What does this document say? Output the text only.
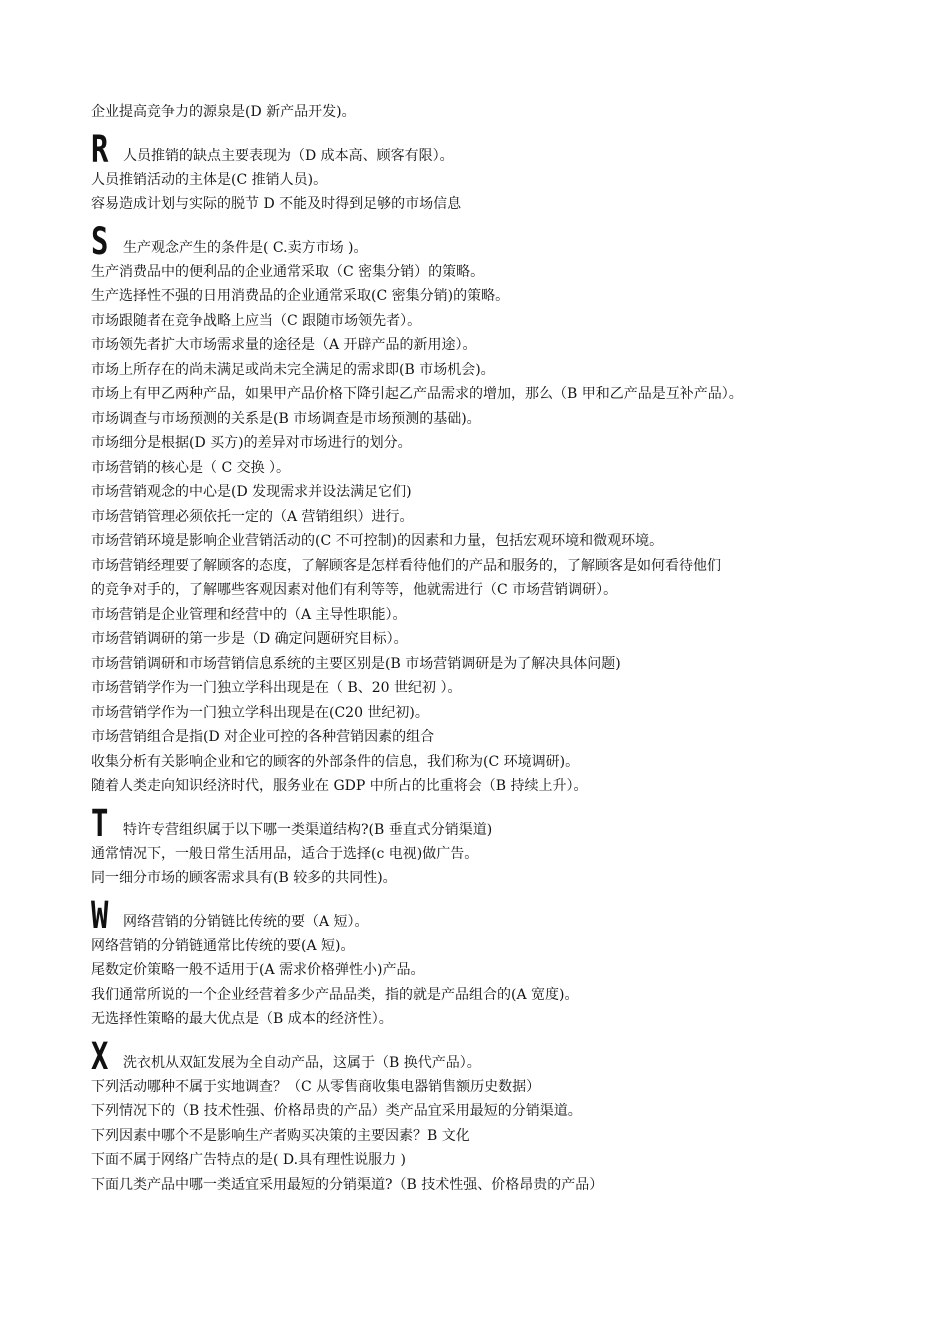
企业提高竞争力的源泉是(D 新产品开发)。
R 人员推销的缺点主要表现为（D 成本高、顾客有限）。
人员推销活动的主体是(C 推销人员)。
容易造成计划与实际的脱节 D 不能及时得到足够的市场信息
S 生产观念产生的条件是( C.卖方市场 )。
生产消费品中的便利品的企业通常采取（C 密集分销）的策略。
生产选择性不强的日用消费品的企业通常采取(C 密集分销)的策略。
市场跟随者在竞争战略上应当（C 跟随市场领先者）。
市场领先者扩大市场需求量的途径是（A 开辟产品的新用途）。
市场上所存在的尚未满足或尚未完全满足的需求即(B 市场机会)。
市场上有甲乙两种产品，如果甲产品价格下降引起乙产品需求的增加，那么（B 甲和乙产品是互补产品）。
市场调查与市场预测的关系是(B 市场调查是市场预测的基础)。
市场细分是根据(D 买方)的差异对市场进行的划分。
市场营销的核心是（ C 交换 ）。
市场营销观念的中心是(D 发现需求并设法满足它们)
市场营销管理必须依托一定的（A 营销组织）进行。
市场营销环境是影响企业营销活动的(C 不可控制)的因素和力量，包括宏观环境和微观环境。
市场营销经理要了解顾客的态度，了解顾客是怎样看待他们的产品和服务的，了解顾客是如何看待他们
的竞争对手的，了解哪些客观因素对他们有利等等，他就需进行（C 市场营销调研）。
市场营销是企业管理和经营中的（A 主导性职能）。
市场营销调研的第一步是（D 确定问题研究目标）。
市场营销调研和市场营销信息系统的主要区别是(B 市场营销调研是为了解决具体问题)
市场营销学作为一门独立学科出现是在（ B、20 世纪初 ）。
市场营销学作为一门独立学科出现是在(C20 世纪初)。
市场营销组合是指(D 对企业可控的各种营销因素的组合
收集分析有关影响企业和它的顾客的外部条件的信息，我们称为(C 环境调研)。
随着人类走向知识经济时代，服务业在 GDP 中所占的比重将会（B 持续上升）。
T 特许专营组织属于以下哪一类渠道结构?(B 垂直式分销渠道)
通常情况下，一般日常生活用品，适合于选择(c 电视)做广告。
同一细分市场的顾客需求具有(B 较多的共同性)。
W 网络营销的分销链比传统的要（A 短）。
网络营销的分销链通常比传统的要(A 短)。
尾数定价策略一般不适用于(A 需求价格弹性小)产品。
我们通常所说的一个企业经营着多少产品品类，指的就是产品组合的(A 宽度)。
无选择性策略的最大优点是（B 成本的经济性）。
X 洗衣机从双缸发展为全自动产品，这属于（B 换代产品）。
下列活动哪种不属于实地调查？（C 从零售商收集电器销售额历史数据）
下列情况下的（B 技术性强、价格昂贵的产品）类产品宜采用最短的分销渠道。
下列因素中哪个不是影响生产者购买决策的主要因素？B 文化
下面不属于网络广告特点的是( D.具有理性说服力 )
下面几类产品中哪一类适宜采用最短的分销渠道?（B 技术性强、价格昂贵的产品）
